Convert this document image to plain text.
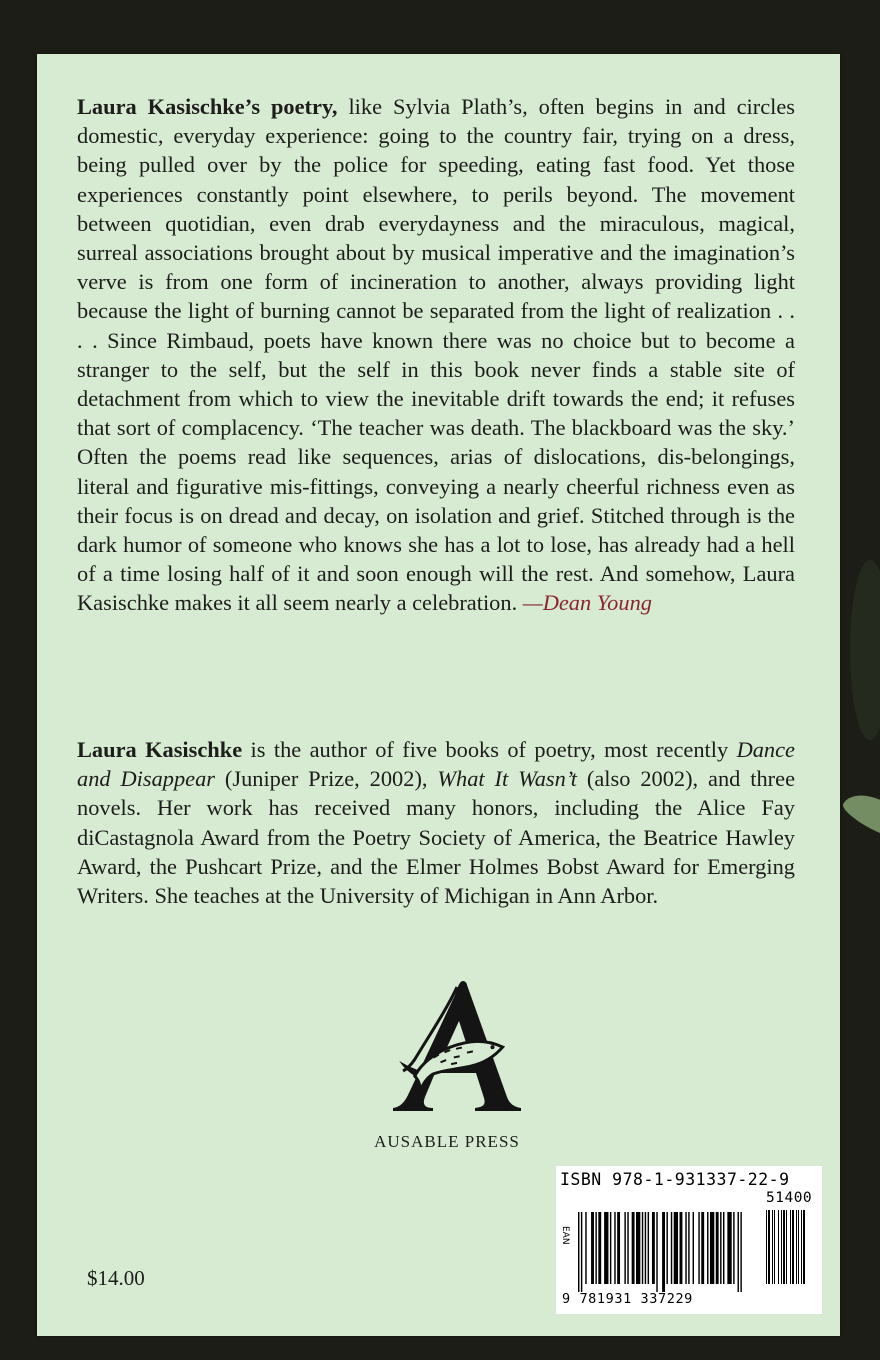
Laura Kasischke’s poetry, like Sylvia Plath’s, often begins in and circles domestic, everyday experience: going to the country fair, trying on a dress, being pulled over by the police for speeding, eating fast food. Yet those experiences constantly point elsewhere, to perils beyond. The movement between quotidian, even drab everydayness and the miraculous, magical, surreal associations brought about by musical imperative and the imagination’s verve is from one form of incineration to another, always providing light because the light of burning cannot be separated from the light of realization . . . . Since Rimbaud, poets have known there was no choice but to become a stranger to the self, but the self in this book never finds a stable site of detachment from which to view the inevitable drift towards the end; it refuses that sort of complacency. ‘The teacher was death. The blackboard was the sky.’ Often the poems read like sequences, arias of dislocations, dis-belongings, literal and figurative mis-fittings, conveying a nearly cheerful richness even as their focus is on dread and decay, on isolation and grief. Stitched through is the dark humor of someone who knows she has a lot to lose, has already had a hell of a time losing half of it and soon enough will the rest. And somehow, Laura Kasischke makes it all seem nearly a celebration. —Dean Young
Laura Kasischke is the author of five books of poetry, most recently Dance and Disappear (Juniper Prize, 2002), What It Wasn’t (also 2002), and three novels. Her work has received many honors, including the Alice Fay diCastagnola Award from the Poetry Society of America, the Beatrice Hawley Award, the Pushcart Prize, and the Elmer Holmes Bobst Award for Emerging Writers. She teaches at the University of Michigan in Ann Arbor.
AUSABLE PRESS
$14.00
ISBN 978-1-931337-22-9
51400
EAN
9 781931 337229
